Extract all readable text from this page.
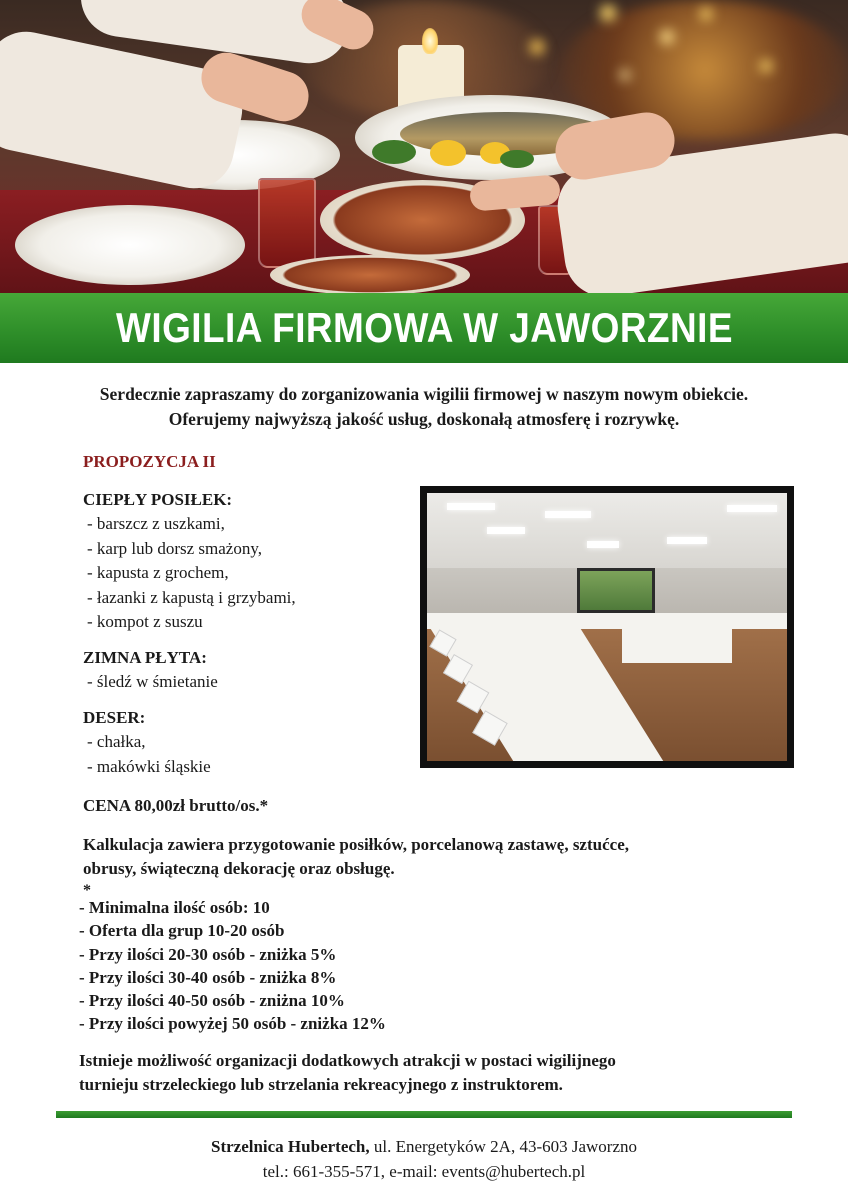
WIGILIA FIRMOWA W JAWORZNIE
Serdecznie zapraszamy do zorganizowania wigilii firmowej w naszym nowym obiekcie.
Oferujemy najwyższą jakość usług, doskonałą atmosferę i rozrywkę.
PROPOZYCJA II
CIEPŁY POSIŁEK:
- barszcz z uszkami,
- karp lub dorsz smażony,
- kapusta z grochem,
- łazanki z kapustą i grzybami,
- kompot z suszu
ZIMNA PŁYTA:
- śledź w śmietanie
DESER:
- chałka,
- makówki śląskie
CENA 80,00zł brutto/os.*
Kalkulacja zawiera przygotowanie posiłków, porcelanową zastawę, sztućce,
obrusy, świąteczną dekorację oraz obsługę.
*
- Minimalna ilość osób: 10
- Oferta dla grup 10-20 osób
- Przy ilości 20-30 osób - zniżka 5%
- Przy ilości 30-40 osób - zniżka 8%
- Przy ilości 40-50 osób - zniżna 10%
- Przy ilości powyżej 50 osób - zniżka 12%
Istnieje możliwość organizacji dodatkowych atrakcji w postaci wigilijnego
turnieju strzeleckiego lub strzelania rekreacyjnego z instruktorem.
Strzelnica Hubertech, ul. Energetyków 2A, 43-603 Jaworzno
tel.: 661-355-571, e-mail: events@hubertech.pl
